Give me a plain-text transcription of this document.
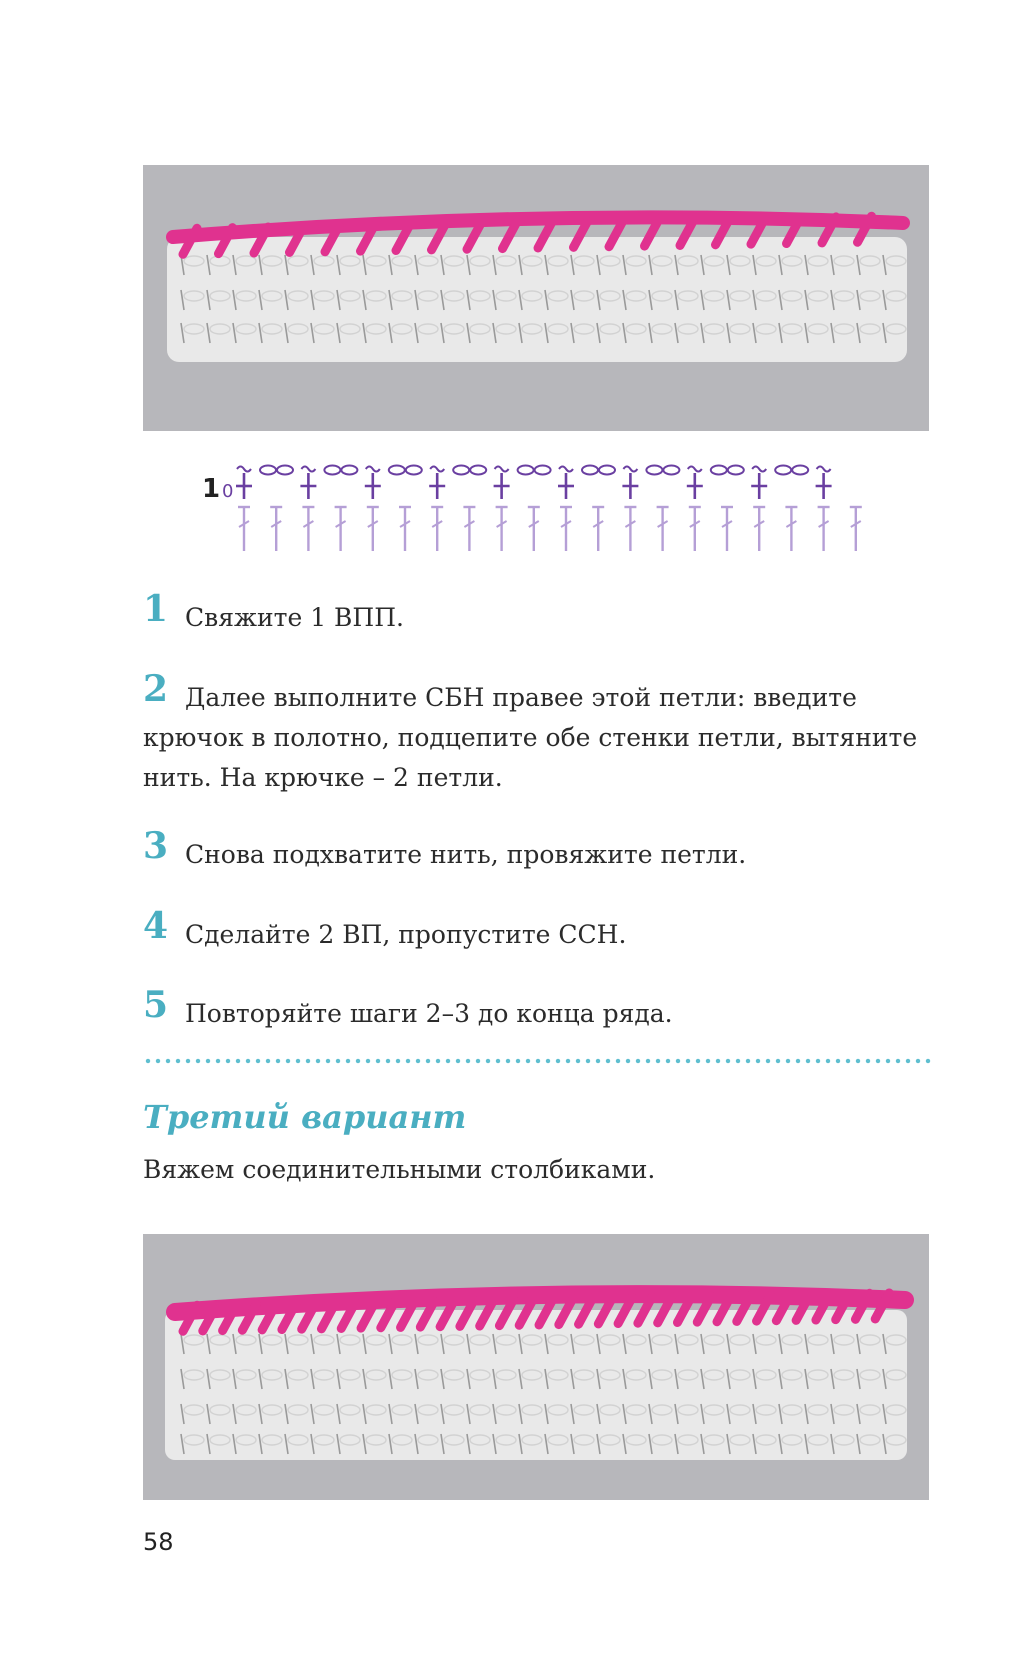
1 0
1 Свяжите 1 ВПП.
2 Далее выполните СБН правее этой петли: введите крючок в полотно, подцепите обе стенки петли, вытяните нить. На крючке – 2 петли.
3 Снова подхватите нить, провяжите петли.
4 Сделайте 2 ВП, пропустите ССН.
5 Повторяйте шаги 2–3 до конца ряда.
Третий вариант
Вяжем соединительными столбиками.
58
